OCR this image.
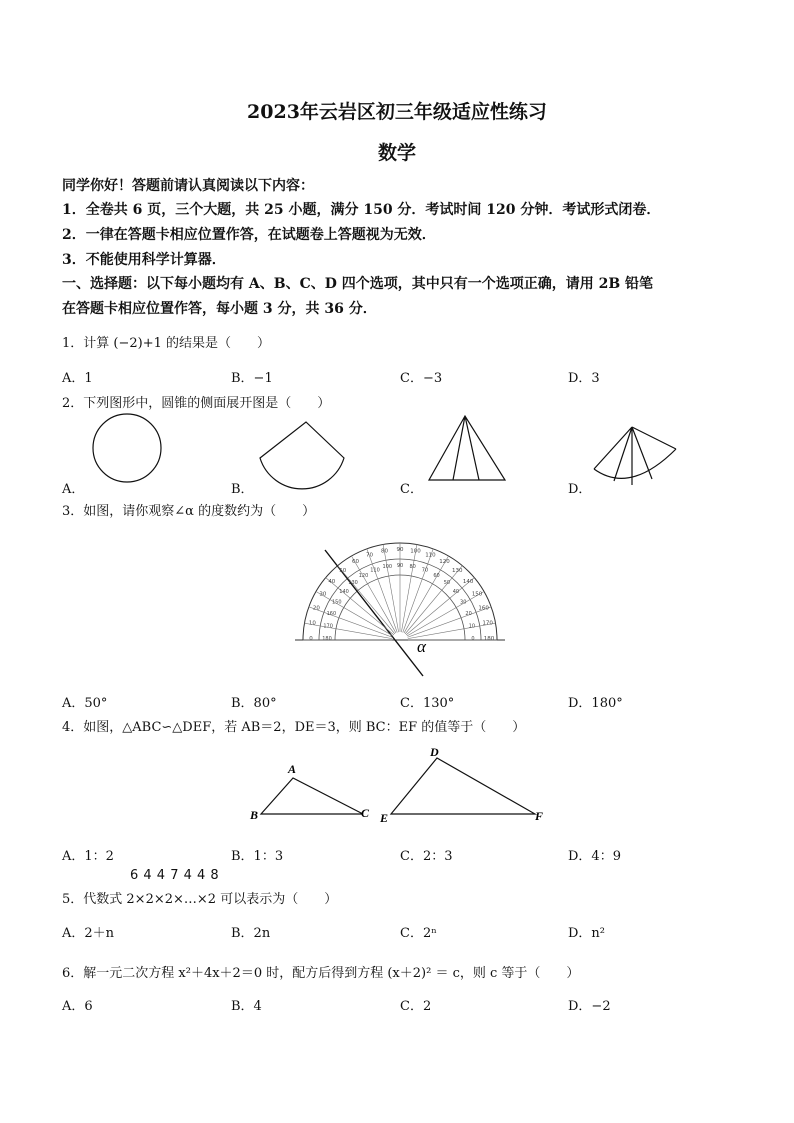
2023年云岩区初三年级适应性练习
数学
同学你好！答题前请认真阅读以下内容：
1．全卷共 6 页，三个大题，共 25 小题，满分 150 分．考试时间 120 分钟．考试形式闭卷．
2．一律在答题卡相应位置作答，在试题卷上答题视为无效．
3．不能使用科学计算器．
一、选择题：以下每小题均有 A、B、C、D 四个选项，其中只有一个选项正确，请用 2B 铅笔
在答题卡相应位置作答，每小题 3 分，共 36 分．
1．计算 (−2)+1 的结果是（　　）
A．1	B．−1	C．−3	D．3
2．下列图形中，圆锥的侧面展开图是（　　）
A．	B．	C．	D．
3．如图，请你观察∠α 的度数约为（　　）
0
10
20
30
40
50
60
70
80 90 100
110
120
130
140
150
160
170
180
180
170
160
150
140
130
120
110
100 90 80
70
60
50
40
30
20
10
0
α
A．50°	B．80°	C．130°	D．180°
4．如图，△ABC∽△DEF，若 AB＝2，DE＝3，则 BC：EF 的值等于（　　）
A
B	C
D
E	F
A．1：2	B．1：3	C．2：3	D．4：9
6 4 4 7 4 4 8
5．代数式 2×2×2×…×2 可以表示为（　　）
A．2＋n	B．2n	C．2ⁿ	D．n²
6．解一元二次方程 x²＋4x＋2＝0 时，配方后得到方程 (x＋2)² ＝ c，则 c 等于（　　）
A．6	B．4	C．2	D．−2
